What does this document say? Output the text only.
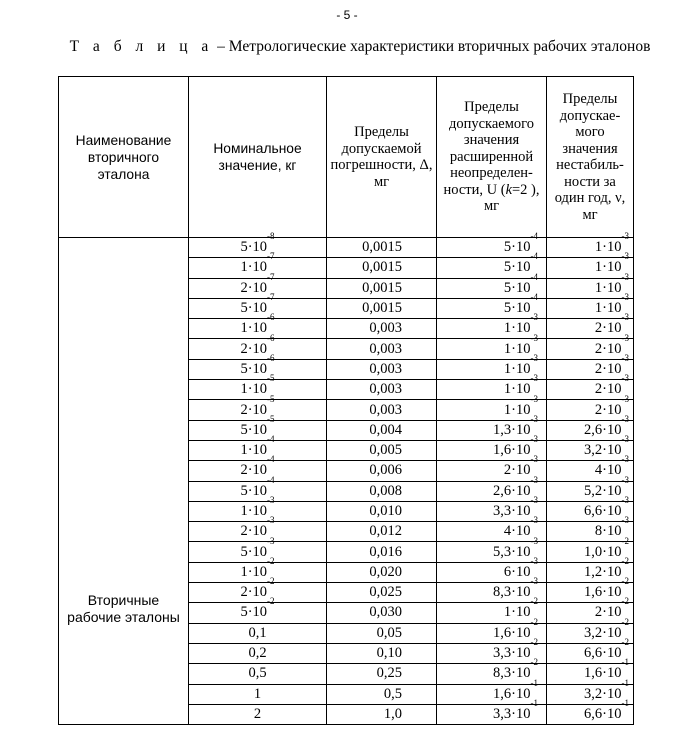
- 5 -
Т а б л и ц а – Метрологические характеристики вторичных рабочих эталонов
Наименование вторичного эталона	Номинальное значение, кг	Пределы допускаемой погрешности, Δ, мг	Пределы допускаемого значения расширенной неопределен-ности, U (k=2 ), мг	Пределы допускае-мого значения нестабиль-ности за один год, ν, мг
Вторичные рабочие эталоны	$5\cdot 10^{-8}$	0,0015	$5\cdot 10^{-4}$	$1\cdot 10^{-3}$
	$1\cdot 10^{-7}$	0,0015	$5\cdot 10^{-4}$	$1\cdot 10^{-3}$
	$2\cdot 10^{-7}$	0,0015	$5\cdot 10^{-4}$	$1\cdot 10^{-3}$
	$5\cdot 10^{-7}$	0,0015	$5\cdot 10^{-4}$	$1\cdot 10^{-3}$
	$1\cdot 10^{-6}$	0,003	$1\cdot 10^{-3}$	$2\cdot 10^{-3}$
	$2\cdot 10^{-6}$	0,003	$1\cdot 10^{-3}$	$2\cdot 10^{-3}$
	$5\cdot 10^{-6}$	0,003	$1\cdot 10^{-3}$	$2\cdot 10^{-3}$
	$1\cdot 10^{-5}$	0,003	$1\cdot 10^{-3}$	$2\cdot 10^{-3}$
	$2\cdot 10^{-5}$	0,003	$1\cdot 10^{-3}$	$2\cdot 10^{-3}$
	$5\cdot 10^{-5}$	0,004	$1,3\cdot 10^{-3}$	$2,6\cdot 10^{-3}$
	$1\cdot 10^{-4}$	0,005	$1,6\cdot 10^{-3}$	$3,2\cdot 10^{-3}$
	$2\cdot 10^{-4}$	0,006	$2\cdot 10^{-3}$	$4\cdot 10^{-3}$
	$5\cdot 10^{-4}$	0,008	$2,6\cdot 10^{-3}$	$5,2\cdot 10^{-3}$
	$1\cdot 10^{-3}$	0,010	$3,3\cdot 10^{-3}$	$6,6\cdot 10^{-3}$
	$2\cdot 10^{-3}$	0,012	$4\cdot 10^{-3}$	$8\cdot 10^{-3}$
	$5\cdot 10^{-3}$	0,016	$5,3\cdot 10^{-3}$	$1,0\cdot 10^{-2}$
	$1\cdot 10^{-2}$	0,020	$6\cdot 10^{-3}$	$1,2\cdot 10^{-2}$
	$2\cdot 10^{-2}$	0,025	$8,3\cdot 10^{-3}$	$1,6\cdot 10^{-2}$
	$5\cdot 10^{-2}$	0,030	$1\cdot 10^{-2}$	$2\cdot 10^{-2}$
	0,1	0,05	$1,6\cdot 10^{-2}$	$3,2\cdot 10^{-2}$
	0,2	0,10	$3,3\cdot 10^{-2}$	$6,6\cdot 10^{-2}$
	0,5	0,25	$8,3\cdot 10^{-2}$	$1,6\cdot 10^{-1}$
	1	0,5	$1,6\cdot 10^{-1}$	$3,2\cdot 10^{-1}$
	2	1,0	$3,3\cdot 10^{-1}$	$6,6\cdot 10^{-1}$
